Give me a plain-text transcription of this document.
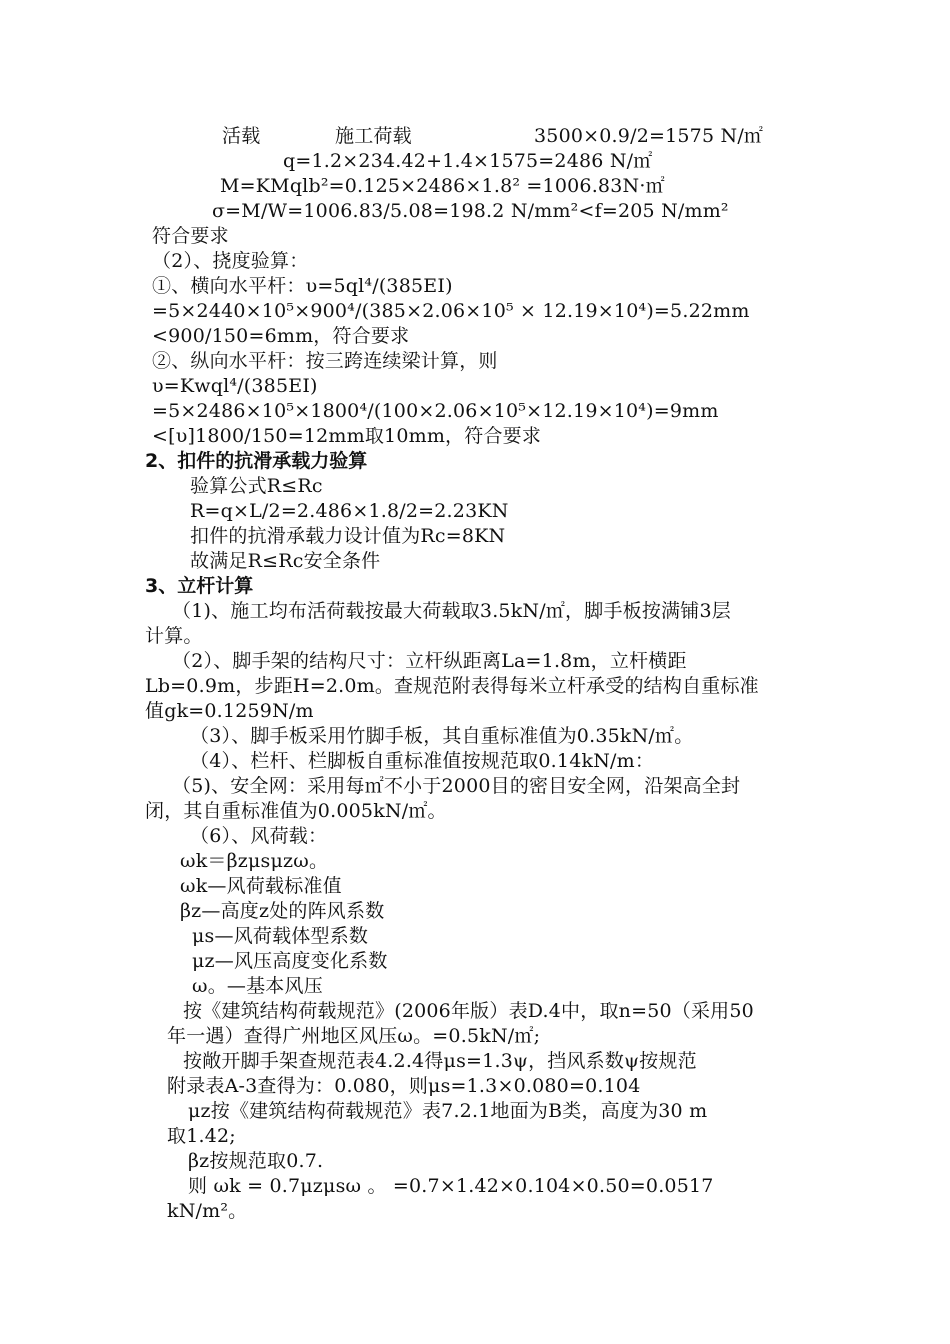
活载	施工荷载	3500×0.9/2=1575 N/㎡
q=1.2×234.42+1.4×1575=2486 N/㎡
M=KMqlb²=0.125×2486×1.8² =1006.83N·㎡
σ=M/W=1006.83/5.08=198.2 N/mm²<f=205 N/mm²
符合要求
（2）、挠度验算：
①、横向水平杆：υ=5ql⁴/(385EI)
=5×2440×10⁵×900⁴/(385×2.06×10⁵ × 12.19×10⁴)=5.22mm
<900/150=6mm，符合要求
②、纵向水平杆：按三跨连续梁计算，则
υ=Kwql⁴/(385EI)
=5×2486×10⁵×1800⁴/(100×2.06×10⁵×12.19×10⁴)=9mm
<[υ]1800/150=12mm取10mm，符合要求
2、扣件的抗滑承载力验算
验算公式R≤Rc
R=q×L/2=2.486×1.8/2=2.23KN
扣件的抗滑承载力设计值为Rc=8KN
故满足R≤Rc安全条件
3、立杆计算
（1)、施工均布活荷载按最大荷载取3.5kN/㎡，脚手板按满铺3层
计算。
（2）、脚手架的结构尺寸：立杆纵距离La=1.8m，立杆横距
Lb=0.9m，步距H=2.0m。查规范附表得每米立杆承受的结构自重标准
值gk=0.1259N/m
（3）、脚手板采用竹脚手板，其自重标准值为0.35kN/㎡。
（4）、栏杆、栏脚板自重标准值按规范取0.14kN/m：
（5)、安全网：采用每㎡不小于2000目的密目安全网，沿架高全封
闭，其自重标准值为0.005kN/㎡。
（6）、风荷载：
ωk＝βzμsμzω。
ωk—风荷载标准值
βz—高度z处的阵风系数
μs—风荷载体型系数
μz—风压高度变化系数
ω。—基本风压
按《建筑结构荷载规范》(2006年版）表D.4中，取n=50（采用50
年一遇）查得广州地区风压ω。=0.5kN/㎡;
按敞开脚手架查规范表4.2.4得μs=1.3ψ，挡风系数ψ按规范
附录表A-3查得为：0.080，则μs=1.3×0.080=0.104
μz按《建筑结构荷载规范》表7.2.1地面为B类，高度为30 m
取1.42;
βz按规范取0.7.
则 ωk = 0.7μzμsω 。 =0.7×1.42×0.104×0.50=0.0517
kN/m²。
